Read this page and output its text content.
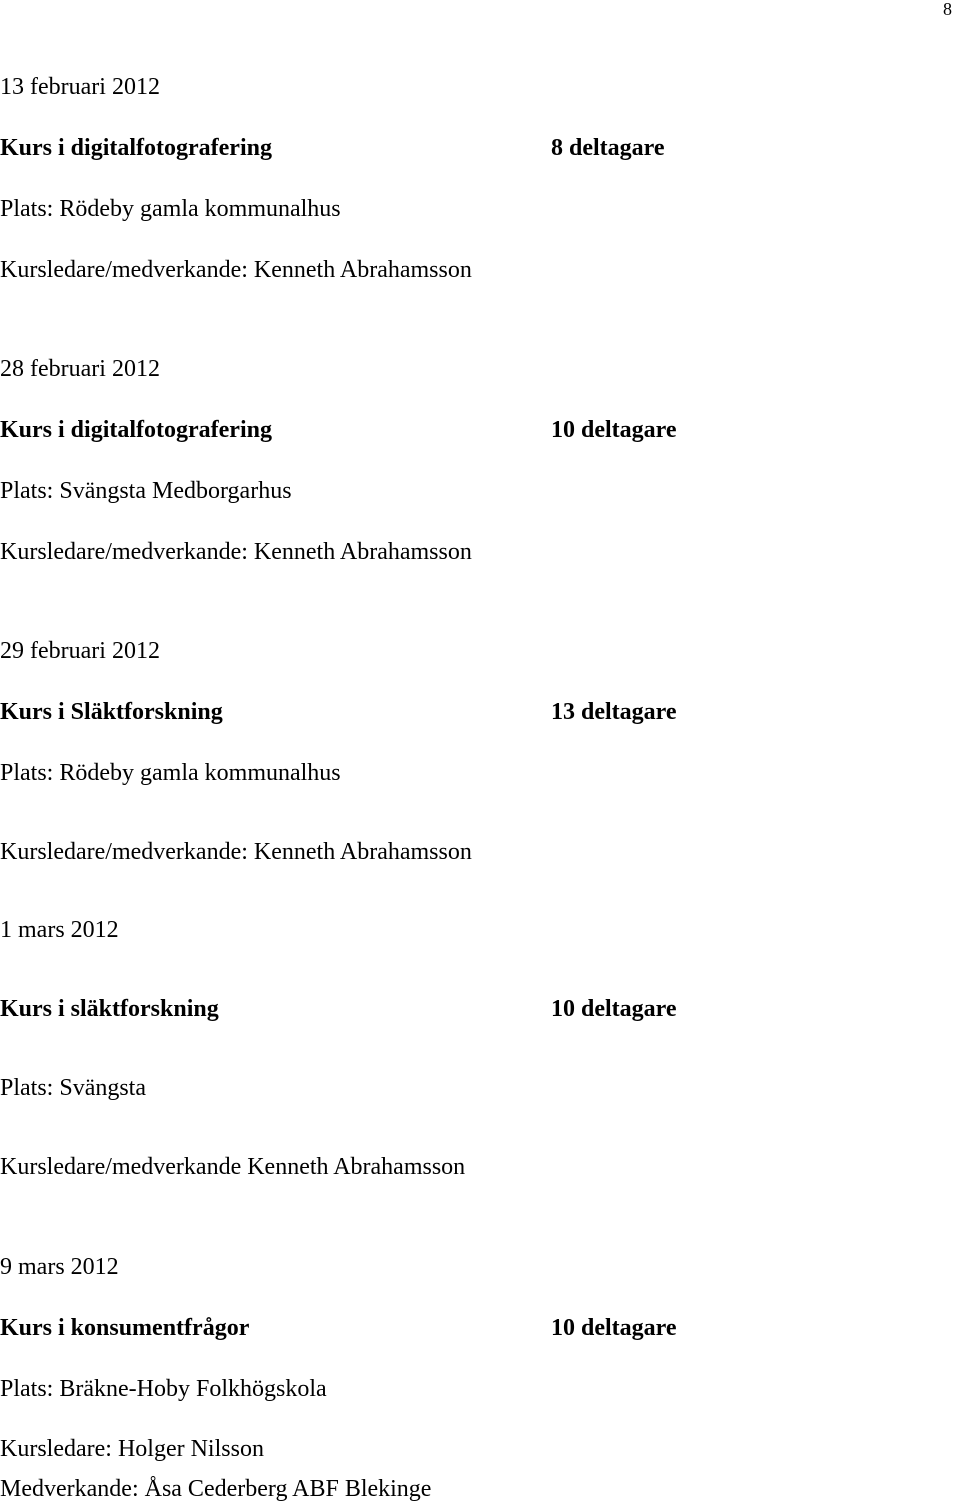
8
13 februari 2012
Kurs i digitalfotografering	8 deltagare
Plats: Rödeby gamla kommunalhus
Kursledare/medverkande: Kenneth Abrahamsson
28 februari 2012
Kurs i digitalfotografering	10 deltagare
Plats: Svängsta Medborgarhus
Kursledare/medverkande: Kenneth Abrahamsson
29 februari 2012
Kurs i Släktforskning	13 deltagare
Plats: Rödeby gamla kommunalhus
Kursledare/medverkande: Kenneth Abrahamsson
1 mars 2012
Kurs i släktforskning	10 deltagare
Plats: Svängsta
Kursledare/medverkande Kenneth Abrahamsson
9 mars 2012
Kurs i konsumentfrågor	10 deltagare
Plats: Bräkne-Hoby Folkhögskola
Kursledare: Holger Nilsson
Medverkande: Åsa Cederberg ABF Blekinge
